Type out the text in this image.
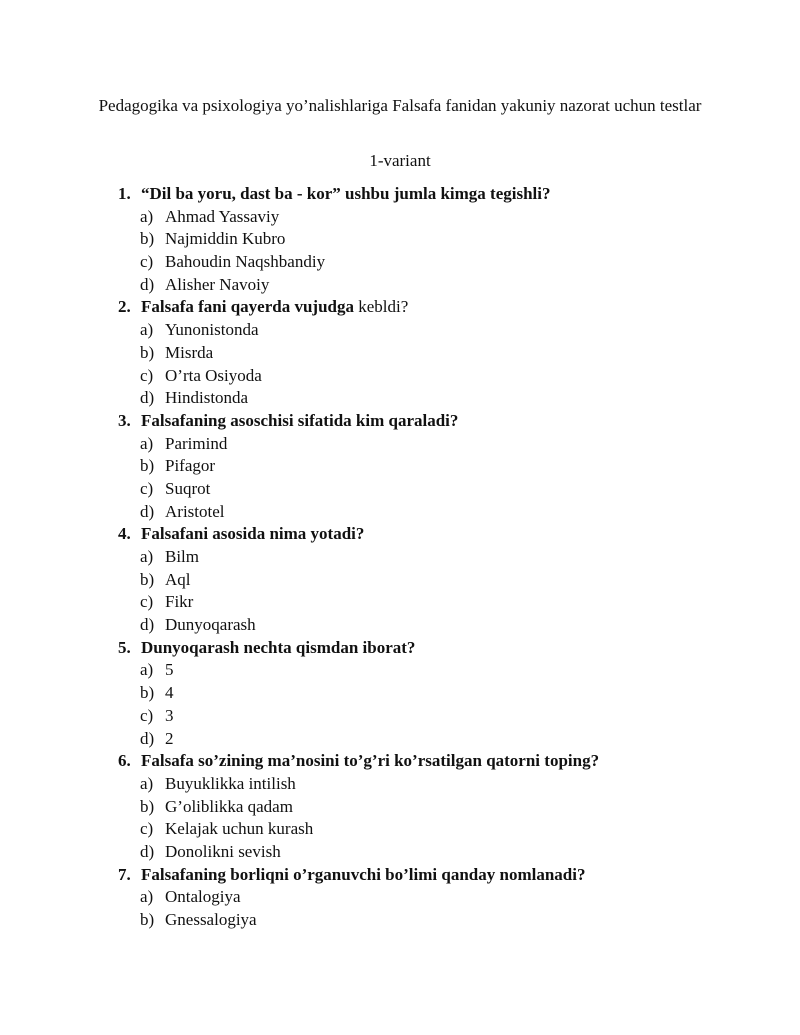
Pedagogika va psixologiya yo’nalishlariga Falsafa fanidan yakuniy nazorat uchun testlar
1-variant
1. “Dil ba yoru, dast ba - kor” ushbu jumla kimga tegishli?
a) Ahmad Yassaviy
b) Najmiddin Kubro
c) Bahoudin Naqshbandiy
d) Alisher Navoiy
2. Falsafa fani qayerda vujudga kebldi?
a) Yunonistonda
b) Misrda
c) O’rta Osiyoda
d) Hindistonda
3. Falsafaning asoschisi sifatida kim qaraladi?
a) Parimind
b) Pifagor
c) Suqrot
d) Aristotel
4. Falsafani asosida nima yotadi?
a) Bilm
b) Aql
c) Fikr
d) Dunyoqarash
5. Dunyoqarash nechta qismdan iborat?
a) 5
b) 4
c) 3
d) 2
6. Falsafa so’zining ma’nosini to’g’ri ko’rsatilgan qatorni toping?
a) Buyuklikka intilish
b) G’oliblikka qadam
c) Kelajak uchun kurash
d) Donolikni sevish
7. Falsafaning borliqni o’rganuvchi bo’limi qanday nomlanadi?
a) Ontalogiya
b) Gnessalogiya
